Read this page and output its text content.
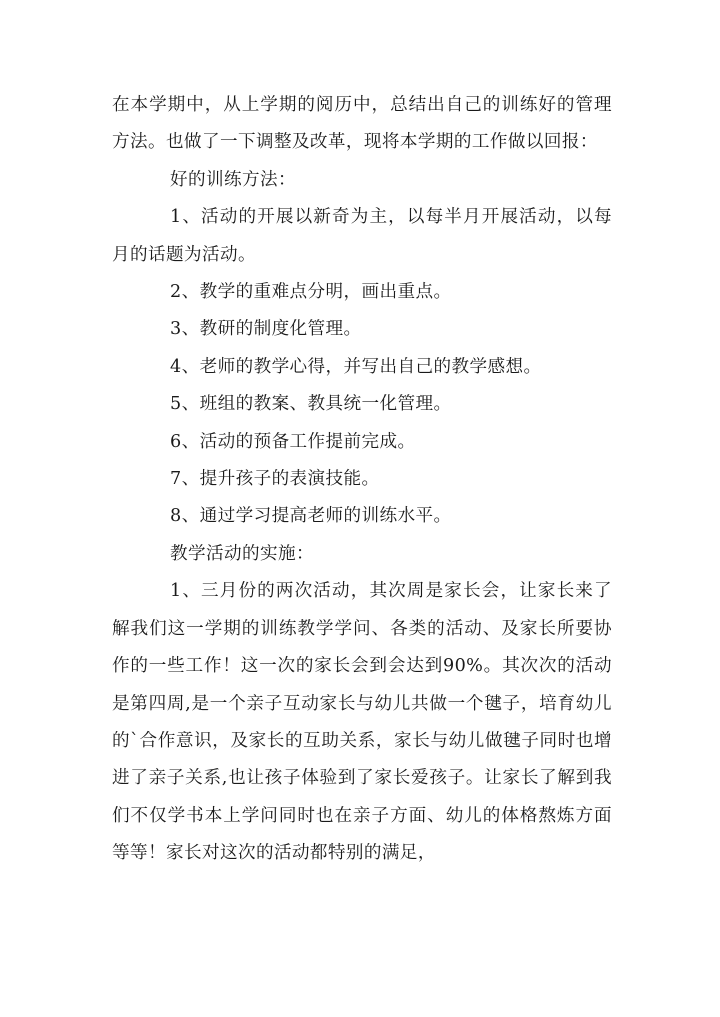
在本学期中，从上学期的阅历中，总结出自己的训练好的管理方法。也做了一下调整及改革，现将本学期的工作做以回报：

好的训练方法：

1、活动的开展以新奇为主，以每半月开展活动，以每月的话题为活动。

2、教学的重难点分明，画出重点。

3、教研的制度化管理。

4、老师的教学心得，并写出自己的教学感想。

5、班组的教案、教具统一化管理。

6、活动的预备工作提前完成。

7、提升孩子的表演技能。

8、通过学习提高老师的训练水平。

教学活动的实施：

1、三月份的两次活动，其次周是家长会，让家长来了解我们这一学期的训练教学学问、各类的活动、及家长所要协作的一些工作！这一次的家长会到会达到90%。其次次的活动是第四周,是一个亲子互动家长与幼儿共做一个毽子，培育幼儿的`合作意识，及家长的互助关系，家长与幼儿做毽子同时也增进了亲子关系,也让孩子体验到了家长爱孩子。让家长了解到我们不仅学书本上学问同时也在亲子方面、幼儿的体格熬炼方面等等！家长对这次的活动都特别的满足，
